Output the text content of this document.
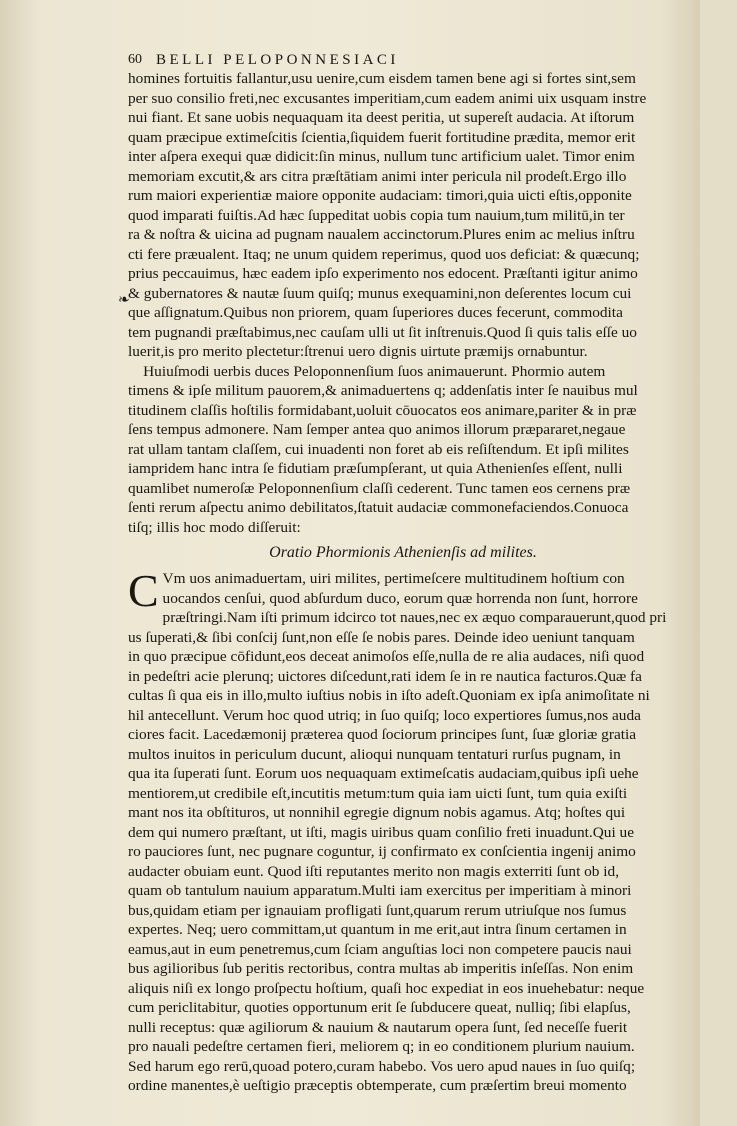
60 BELLI PELOPONNESIACI
❧
homines fortuitis fallantur,usu uenire,cum eisdem tamen bene agi si fortes sint,sem
per suo consilio freti,nec excusantes imperitiam,cum eadem animi uix usquam instre
nui fiant. Et sane uobis nequaquam ita deest peritia, ut supereſt audacia. At iſtorum
quam præcipue extimeſcitis ſcientia,ſiquidem fuerit fortitudine prædita, memor erit
inter aſpera exequi quæ didicit:ſin minus, nullum tunc artificium ualet. Timor enim
memoriam excutit,& ars citra præſtātiam animi inter pericula nil prodeſt.Ergo illo
rum maiori experientiæ maiore opponite audaciam: timori,quia uicti eſtis,opponite
quod imparati fuiſtis.Ad hæc ſuppeditat uobis copia tum nauium,tum militū,in ter
ra & noſtra & uicina ad pugnam naualem accinctorum.Plures enim ac melius inſtru
cti fere præualent. Itaq; ne unum quidem reperimus, quod uos deficiat: & quæcunq;
prius peccauimus, hæc eadem ipſo experimento nos edocent. Præſtanti igitur animo
& gubernatores & nautæ ſuum quiſq; munus exequamini,non deſerentes locum cui
que aſſignatum.Quibus non priorem, quam ſuperiores duces fecerunt, commodita
tem pugnandi præſtabimus,nec cauſam ulli ut ſit inſtrenuis.Quod ſi quis talis eſſe uo
luerit,is pro merito plectetur:ſtrenui uero dignis uirtute præmijs ornabuntur.
Huiuſmodi uerbis duces Peloponnenſium ſuos animauerunt. Phormio autem
timens & ipſe militum pauorem,& animaduertens q; addenſatis inter ſe nauibus mul
titudinem claſſis hoſtilis formidabant,uoluit cōuocatos eos animare,pariter & in præ
ſens tempus admonere. Nam ſemper antea quo animos illorum præpararet,negaue
rat ullam tantam claſſem, cui inuadenti non foret ab eis reſiſtendum. Et ipſi milites
iampridem hanc intra ſe fidutiam præſumpſerant, ut quia Athenienſes eſſent, nulli
quamlibet numeroſæ Peloponnenſium claſſi cederent. Tunc tamen eos cernens præ
ſenti rerum aſpectu animo debilitatos,ſtatuit audaciæ commonefaciendos.Conuoca
tiſq; illis hoc modo diſſeruit:
Oratio Phormionis Athenienſis ad milites.
C Vm uos animaduertam, uiri milites, pertimeſcere multitudinem hoſtium con
uocandos cenſui, quod abſurdum duco, eorum quæ horrenda non ſunt, horrore
præſtringi.Nam iſti primum idcirco tot naues,nec ex æquo comparauerunt,quod pri
us ſuperati,& ſibi conſcij ſunt,non eſſe ſe nobis pares. Deinde ideo ueniunt tanquam
in quo præcipue cōfidunt,eos deceat animoſos eſſe,nulla de re alia audaces, niſi quod
in pedeſtri acie plerunq; uictores diſcedunt,rati idem ſe in re nautica facturos.Quæ fa
cultas ſi qua eis in illo,multo iuſtius nobis in iſto adeſt.Quoniam ex ipſa animoſitate ni
hil antecellunt. Verum hoc quod utriq; in ſuo quiſq; loco expertiores ſumus,nos auda
ciores facit. Lacedæmonij præterea quod ſociorum principes ſunt, ſuæ gloriæ gratia
multos inuitos in periculum ducunt, alioqui nunquam tentaturi rurſus pugnam, in
qua ita ſuperati ſunt. Eorum uos nequaquam extimeſcatis audaciam,quibus ipſi uehe
mentiorem,ut credibile eſt,incutitis metum:tum quia iam uicti ſunt, tum quia exiſti
mant nos ita obſtituros, ut nonnihil egregie dignum nobis agamus. Atq; hoſtes qui
dem qui numero præſtant, ut iſti, magis uiribus quam conſilio freti inuadunt.Qui ue
ro pauciores ſunt, nec pugnare coguntur, ij confirmato ex conſcientia ingenij animo
audacter obuiam eunt. Quod iſti reputantes merito non magis exterriti ſunt ob id,
quam ob tantulum nauium apparatum.Multi iam exercitus per imperitiam à minori
bus,quidam etiam per ignauiam profligati ſunt,quarum rerum utriuſque nos ſumus
expertes. Neq; uero committam,ut quantum in me erit,aut intra ſinum certamen in
eamus,aut in eum penetremus,cum ſciam anguſtias loci non competere paucis naui
bus agilioribus ſub peritis rectoribus, contra multas ab imperitis inſeſſas. Non enim
aliquis niſi ex longo proſpectu hoſtium, quaſi hoc expediat in eos inuehebatur: neque
cum periclitabitur, quoties opportunum erit ſe ſubducere queat, nulliq; ſibi elapſus,
nulli receptus: quæ agiliorum & nauium & nautarum opera ſunt, ſed neceſſe fuerit
pro nauali pedeſtre certamen fieri, meliorem q; in eo conditionem plurium nauium.
Sed harum ego rerū,quoad potero,curam habebo. Vos uero apud naues in ſuo quiſq;
ordine manentes,è ueſtigio præceptis obtemperate, cum præſertim breui momento
